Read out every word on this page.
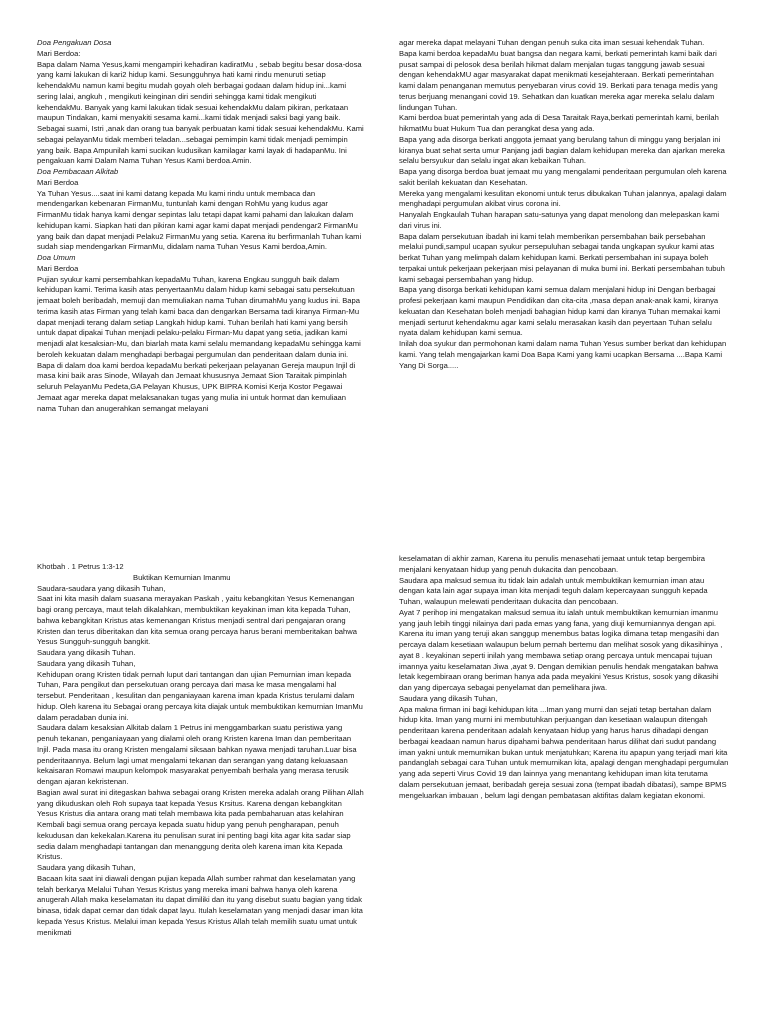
Doa Pengakuan Dosa

Mari Berdoa:

Bapa dalam Nama Yesus,kami mengampiri kehadiran kadiratMu , sebab begitu besar dosa-dosa yang kami lakukan di kari2 hidup kami. Sesungguhnya hati kami rindu menuruti setiap kehendakMu namun kami begitu mudah goyah oleh berbagai godaan dalam hidup ini...kami sering lalai, angkuh , mengikuti keinginan diri sendiri sehingga kami tidak mengikuti kehendakMu. Banyak yang kami lakukan tidak sesuai kehendakMu dalam pikiran, perkataan maupun Tindakan, kami menyakiti sesama kami...kami tidak menjadi saksi bagi yang baik. Sebagai suami, Istri ,anak dan orang tua banyak perbuatan kami tidak sesuai kehendakMu. Kami sebagai pelayanMu tidak memberi teladan...sebagai pemimpin kami tidak menjadi pemimpin yang baik. Bapa Ampunilah kami sucikan kudusikan kamilagar kami layak di hadapanMu. Ini pengakuan kami Dalam Nama Tuhan Yesus Kami berdoa.Amin.

Doa Pembacaan Alkitab

Mari Berdoa

Ya Tuhan Yesus....saat ini kami datang kepada Mu kami rindu untuk membaca dan mendengarkan kebenaran FirmanMu, tuntunlah kami dengan RohMu yang kudus agar FirmanMu tidak hanya kami dengar sepintas lalu tetapi dapat kami pahami dan lakukan dalam kehidupan kami. Siapkan hati dan pikiran kami agar kami dapat menjadi pendengar2 FirmanMu yang baik dan dapat menjadi Pelaku2 FirmanMu yang setia. Karena itu berfirmanlah Tuhan kami sudah siap mendengarkan FirmanMu, didalam nama Tuhan Yesus Kami berdoa,Amin.

Doa Umum

Mari Berdoa

Pujian syukur kami persembahkan kepadaMu Tuhan, karena Engkau sungguh baik dalam kehidupan kami. Terima kasih atas penyertaanMu dalam hidup kami sebagai satu persekutuan jemaat boleh beribadah, memuji dan memuliakan nama Tuhan dirumahMu yang kudus ini. Bapa terima kasih atas Firman yang telah kami baca dan dengarkan Bersama tadi kiranya Firman-Mu dapat menjadi terang dalam setiap Langkah hidup kami. Tuhan berilah hati kami yang bersih untuk dapat dipakai Tuhan menjadi pelaku-pelaku Firman-Mu dapat yang setia, jadikan kami menjadi alat kesaksian-Mu, dan biarlah mata kami selalu memandang kepadaMu sehingga kami beroleh kekuatan dalam menghadapi berbagai pergumulan dan penderitaan dalam dunia ini. Bapa di dalam doa kami berdoa kepadaMu berkati pekerjaan pelayanan Gereja maupun Injil di masa kini baik aras Sinode, Wilayah dan Jemaat khususnya Jemaat Sion Taraitak pimpinlah seluruh PelayanMu Pedeta,GA Pelayan Khusus, UPK BIPRA Komisi Kerja Kostor Pegawai Jemaat agar mereka dapat melaksanakan tugas yang mulia ini untuk hormat dan kemuliaan nama Tuhan dan anugerahkan semangat melayani

agar mereka dapat melayani Tuhan dengan penuh suka cita iman sesuai kehendak Tuhan.

Bapa kami berdoa kepadaMu buat bangsa dan negara kami, berkati pemerintah kami baik dari pusat sampai di pelosok desa berilah hikmat dalam menjalan tugas tanggung jawab sesuai dengan kehendakMU agar masyarakat dapat menikmati kesejahteraan. Berkati pemerintahan kami dalam penanganan memutus penyebaran virus covid 19. Berkati para tenaga medis yang terus berjuang menangani covid 19. Sehatkan dan kuatkan mereka agar mereka selalu dalam lindungan Tuhan.

Kami berdoa buat pemerintah yang ada di Desa Taraitak Raya,berkati pemerintah kami, berilah hikmatMu buat Hukum Tua dan perangkat desa yang ada.

Bapa yang ada disorga berkati anggota jemaat yang berulang tahun di minggu yang berjalan ini kiranya buat sehat serta umur Panjang jadi bagian dalam kehidupan mereka dan ajarkan mereka selalu bersyukur dan selalu ingat akan kebaikan Tuhan.

Bapa yang disorga berdoa buat jemaat mu yang mengalami penderitaan pergumulan oleh karena sakit berilah kekuatan dan Kesehatan.

Mereka yang mengalami kesulitan ekonomi untuk terus dibukakan Tuhan jalannya, apalagi dalam menghadapi pergumulan akibat virus corona ini.

Hanyalah Engkaulah Tuhan harapan satu-satunya yang dapat menolong dan melepaskan kami dari virus ini.

Bapa dalam persekutuan ibadah ini kami telah memberikan persembahan baik persebahan melalui pundi,sampul ucapan syukur persepuluhan sebagai tanda ungkapan syukur kami atas berkat Tuhan yang melimpah dalam kehidupan kami. Berkati persembahan ini supaya boleh terpakai untuk pekerjaan pekerjaan misi pelayanan di muka bumi ini. Berkati persembahan tubuh kami sebagai persembahan yang hidup.

Bapa yang disorga berkati kehidupan kami semua dalam menjalani hidup ini Dengan berbagai profesi pekerjaan kami maupun Pendidikan dan cita-cita ,masa depan anak-anak kami, kiranya kekuatan dan Kesehatan boleh menjadi bahagian hidup kami dan kiranya Tuhan memakai kami menjadi serturut kehendakmu agar kami selalu merasakan kasih dan peyertaan Tuhan selalu nyata dalam kehidupan kami semua.

Inilah doa syukur dan permohonan kami dalam nama Tuhan Yesus sumber berkat dan kehidupan kami. Yang telah mengajarkan kami Doa Bapa Kami yang kami ucapkan Bersama ....Bapa Kami Yang Di Sorga.....

Khotbah . 1 Petrus 1:3-12

Buktikan Kemurnian Imanmu

Saudara-saudara yang dikasih Tuhan,

Saat ini kita masih dalam suasana merayakan Paskah , yaitu kebangkitan Yesus Kemenangan bagi orang percaya, maut telah dikalahkan, membuktikan keyakinan iman kita kepada Tuhan, bahwa kebangkitan Kristus atas kemenangan Kristus menjadi sentral dari pengajaran orang Kristen dan terus diberitakan dan kita semua orang percaya harus berani memberitakan bahwa Yesus Sungguh-sungguh bangkit.

Saudara yang dikasih Tuhan.

Saudara yang dikasih Tuhan,

Kehidupan orang Kristen tidak pernah luput dari tantangan dan ujian Pemurnian iman kepada Tuhan, Para pengikut dan persekutuan orang percaya dari masa ke masa mengalami hal tersebut. Penderitaan , kesulitan dan penganiayaan karena iman kpada Kristus terulami dalam hidup. Oleh karena itu Sebagai orang percaya kita diajak untuk membuktikan kemurnian ImanMu dalam peradaban dunia ini.

Saudara dalam kesaksian Alkitab dalam 1 Petrus ini menggambarkan suatu peristiwa yang penuh tekanan, penganiayaan yang dialami oleh orang Kristen karena Iman dan pemberitaan Injil. Pada masa itu orang Kristen mengalami siksaan bahkan nyawa menjadi taruhan.Luar bisa penderitaannya. Belum lagi umat mengalami tekanan dan serangan yang datang kekuasaan kekaisaran Romawi maupun kelompok masyarakat penyembah berhala yang merasa terusik dengan ajaran kekristenan.

Bagian awal surat ini ditegaskan bahwa sebagai orang Kristen mereka adalah orang Pilihan Allah yang dikuduskan oleh Roh supaya taat kepada Yesus Krsitus. Karena dengan kebangkitan Yesus Kristus dia antara orang mati telah membawa kita pada pembaharuan atas kelahiran Kembali bagi semua orang percaya kepada suatu hidup yang penuh pengharapan, penuh kekudusan dan kekekalan.Karena itu penulisan surat ini penting bagi kita agar kita sadar siap sedia dalam menghadapi tantangan dan menanggung derita oleh karena iman kita Kepada Kristus.

Saudara yang dikasih Tuhan,

Bacaan kita saat ini diawali dengan pujian kepada Allah sumber rahmat dan keselamatan yang telah berkarya Melalui Tuhan Yesus Kristus yang mereka imani bahwa hanya oleh karena anugerah Allah maka keselamatan itu dapat dimiliki dan itu yang disebut suatu bagian yang tidak binasa, tidak dapat cemar dan tidak dapat layu. Itulah keselamatan yang menjadi dasar iman kita kepada Yesus Kristus. Melalui iman kepada Yesus Kristus Allah telah memilih suatu umat untuk menikmati

keselamatan di akhir zaman, Karena itu penulis menasehati jemaat untuk tetap bergembira menjalani kenyataan hidup yang penuh dukacita dan pencobaan.

Saudara apa maksud semua itu tidak lain adalah untuk membuktikan kemurnian iman atau dengan kata lain agar supaya iman kita menjadi teguh dalam kepercayaan sungguh kepada Tuhan, walaupun melewati penderitaan dukacita dan pencobaan.

Ayat 7 perihop ini mengatakan maksud semua itu ialah untuk membuktikan kemurnian imanmu yang jauh lebih tinggi nilainya dari pada emas yang fana, yang diuji kemurniannya dengan api. Karena itu iman yang teruji akan sanggup menembus batas logika dimana tetap mengasihi dan percaya dalam kesetiaan walaupun belum pernah bertemu dan melihat sosok yang dikasihinya , ayat 8 . keyakinan seperti inilah yang membawa setiap orang percaya untuk mencapai tujuan imannya yaitu keselamatan Jiwa ,ayat 9. Dengan demikian penulis hendak mengatakan bahwa letak kegembiraan orang beriman hanya ada pada meyakini Yesus Kristus, sosok yang dikasihi dan yang dipercaya sebagai penyelamat dan pemelihara jiwa.

Saudara yang dikasih Tuhan,

Apa makna firman ini bagi kehidupan kita ...Iman yang murni dan sejati tetap bertahan dalam hidup kita. Iman yang murni ini membutuhkan perjuangan dan kesetiaan walaupun ditengah penderitaan karena penderitaan adalah kenyataan hidup yang harus harus dihadapi dengan berbagai keadaan namun harus dipahami bahwa penderitaan harus dilihat dari sudut pandang iman yakni untuk memurnikan bukan untuk menjatuhkan; Karena itu apapun yang terjadi mari kita pandanglah sebagai cara Tuhan untuk memurnikan kita, apalagi dengan menghadapi pergumulan yang ada seperti Virus Covid 19 dan lainnya yang menantang kehidupan iman kita terutama dalam persekutuan jemaat, beribadah gereja sesuai zona (tempat ibadah dibatasi), sampe BPMS mengeluarkan imbauan , belum lagi dengan pembatasan aktifitas dalam kegiatan ekonomi.
